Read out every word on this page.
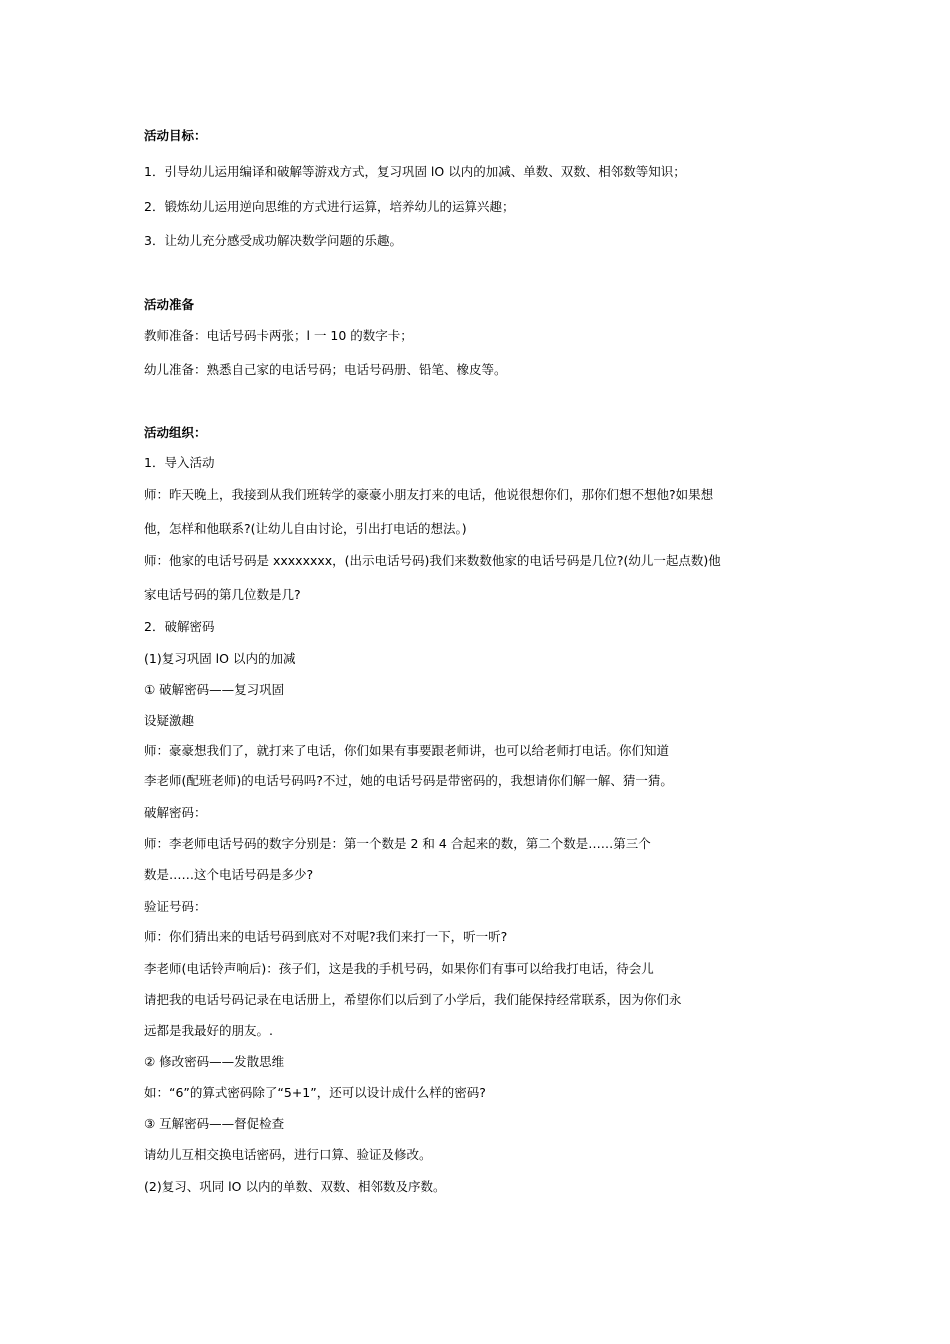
活动目标：
1．引导幼儿运用编译和破解等游戏方式，复习巩固 lO 以内的加减、单数、双数、相邻数等知识；
2．锻炼幼儿运用逆向思维的方式进行运算，培养幼儿的运算兴趣；
3．让幼儿充分感受成功解决数学问题的乐趣。
活动准备
教师准备：电话号码卡两张；l 一 10 的数字卡；
幼儿准备：熟悉自己家的电话号码；电话号码册、铅笔、橡皮等。
活动组织：
1．导入活动
师：昨天晚上，我接到从我们班转学的豪豪小朋友打来的电话，他说很想你们，那你们想不想他?如果想
他，怎样和他联系?(让幼儿自由讨论，引出打电话的想法。)
师：他家的电话号码是 xxxxxxxx，(出示电话号码)我们来数数他家的电话号码是几位?(幼儿一起点数)他
家电话号码的第几位数是几?
2．破解密码
(1)复习巩固 lO 以内的加减
① 破解密码——复习巩固
设疑激趣
师：豪豪想我们了，就打来了电话，你们如果有事要跟老师讲，也可以给老师打电话。你们知道
李老师(配班老师)的电话号码吗?不过，她的电话号码是带密码的，我想请你们解一解、猜一猜。
破解密码：
师：李老师电话号码的数字分别是：第一个数是 2 和 4 合起来的数，第二个数是……第三个
数是……这个电话号码是多少?
验证号码：
师：你们猜出来的电话号码到底对不对呢?我们来打一下，听一听?
李老师(电话铃声响后)：孩子们，这是我的手机号码，如果你们有事可以给我打电话，待会儿
请把我的电话号码记录在电话册上，希望你们以后到了小学后，我们能保持经常联系，因为你们永
远都是我最好的朋友。.
② 修改密码——发散思维
如：“6”的算式密码除了“5+1”，还可以设计成什么样的密码?
③ 互解密码——督促检查
请幼儿互相交换电话密码，进行口算、验证及修改。
(2)复习、巩同 lO 以内的单数、双数、相邻数及序数。
